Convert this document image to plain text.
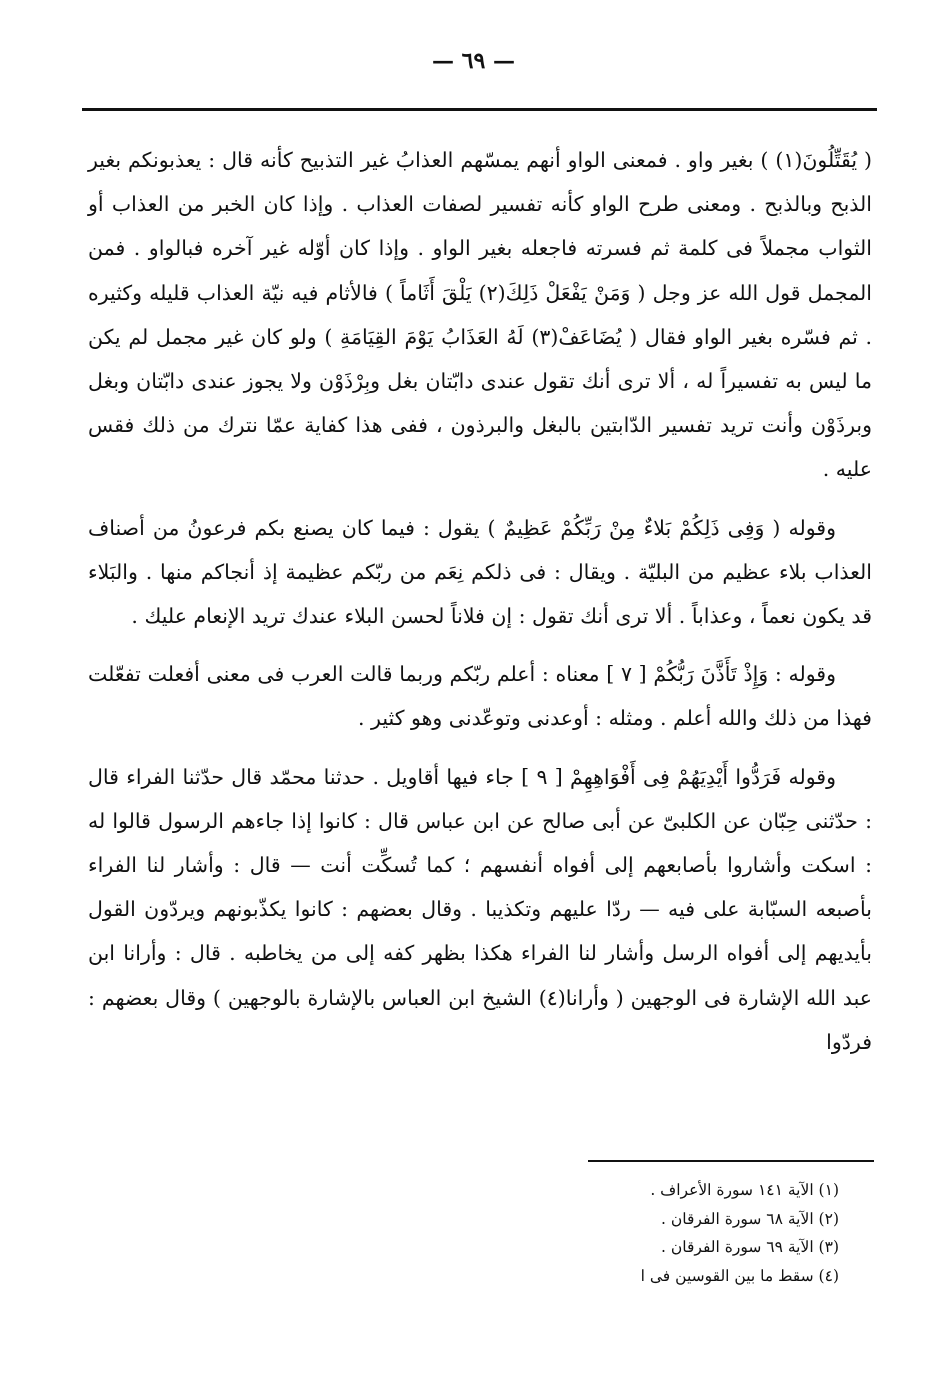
— ٦٩ —

( يُقَتِّلُونَ(١) ) بغير واو . فمعنى الواو أنهم يمسّهم العذابُ غير التذبيح كأنه قال : يعذبونكم بغير الذبح وبالذبح . ومعنى طرح الواو كأنه تفسير لصفات العذاب . وإذا كان الخبر من العذاب أو الثواب مجملاً فى كلمة ثم فسرته فاجعله بغير الواو . وإذا كان أوّله غير آخره فبالواو . فمن المجمل قول الله عز وجل ( وَمَنْ يَفْعَلْ ذَلِكَ(٢) يَلْقَ أَثَاماً ) فالأثام فيه نيّة العذاب قليله وكثيره . ثم فسّره بغير الواو فقال ( يُضَاعَفْ(٣) لَهُ العَذَابُ يَوْمَ القِيَامَةِ ) ولو كان غير مجمل لم يكن ما ليس به تفسيراً له ، ألا ترى أنك تقول عندى دابّتان بغل وبِرْذَوْن ولا يجوز عندى دابّتان وبغل وبرذَوْن وأنت تريد تفسير الدّابتين بالبغل والبرذون ، ففى هذا كفاية عمّا نترك من ذلك فقس عليه .

وقوله ( وَفِى ذَلِكُمْ بَلاءٌ مِنْ رَبِّكُمْ عَظِيمٌ ) يقول : فيما كان يصنع بكم فرعونُ من أصناف العذاب بلاء عظيم من البليّة . ويقال : فى ذلكم نِعَم من ربّكم عظيمة إذ أنجاكم منها . والبَلاء قد يكون نعماً ، وعذاباً . ألا ترى أنك تقول : إن فلاناً لحسن البلاء عندك تريد الإنعام عليك .

وقوله : وَإِذْ تَأَذَّنَ رَبُّكُمْ [ ٧ ] معناه : أعلم ربّكم وربما قالت العرب فى معنى أفعلت تفعّلت فهذا من ذلك والله أعلم . ومثله : أوعدنى وتوعّدنى وهو كثير .

وقوله فَرَدُّوا أَيْدِيَهُمْ فِى أَفْوَاهِهِمْ [ ٩ ] جاء فيها أقاويل . حدثنا محمّد قال حدّثنا الفراء قال : حدّثنى حِبّان عن الكلبىّ عن أبى صالح عن ابن عباس قال : كانوا إذا جاءهم الرسول قالوا له : اسكت وأشاروا بأصابعهم إلى أفواه أنفسهم ؛ كما تُسكِّت أنت — قال : وأشار لنا الفراء بأصبعه السبّابة على فيه — ردّا عليهم وتكذيبا . وقال بعضهم : كانوا يكذّبونهم ويردّون القول بأيديهم إلى أفواه الرسل وأشار لنا الفراء هكذا بظهر كفه إلى من يخاطبه . قال : وأرانا ابن عبد الله الإشارة فى الوجهين ( وأرانا(٤) الشيخ ابن العباس بالإشارة بالوجهين ) وقال بعضهم : فردّوا

(١) الآية ١٤١ سورة الأعراف .

(٢) الآية ٦٨ سورة الفرقان .

(٣) الآية ٦٩ سورة الفرقان .

(٤) سقط ما بين القوسين فى ا
